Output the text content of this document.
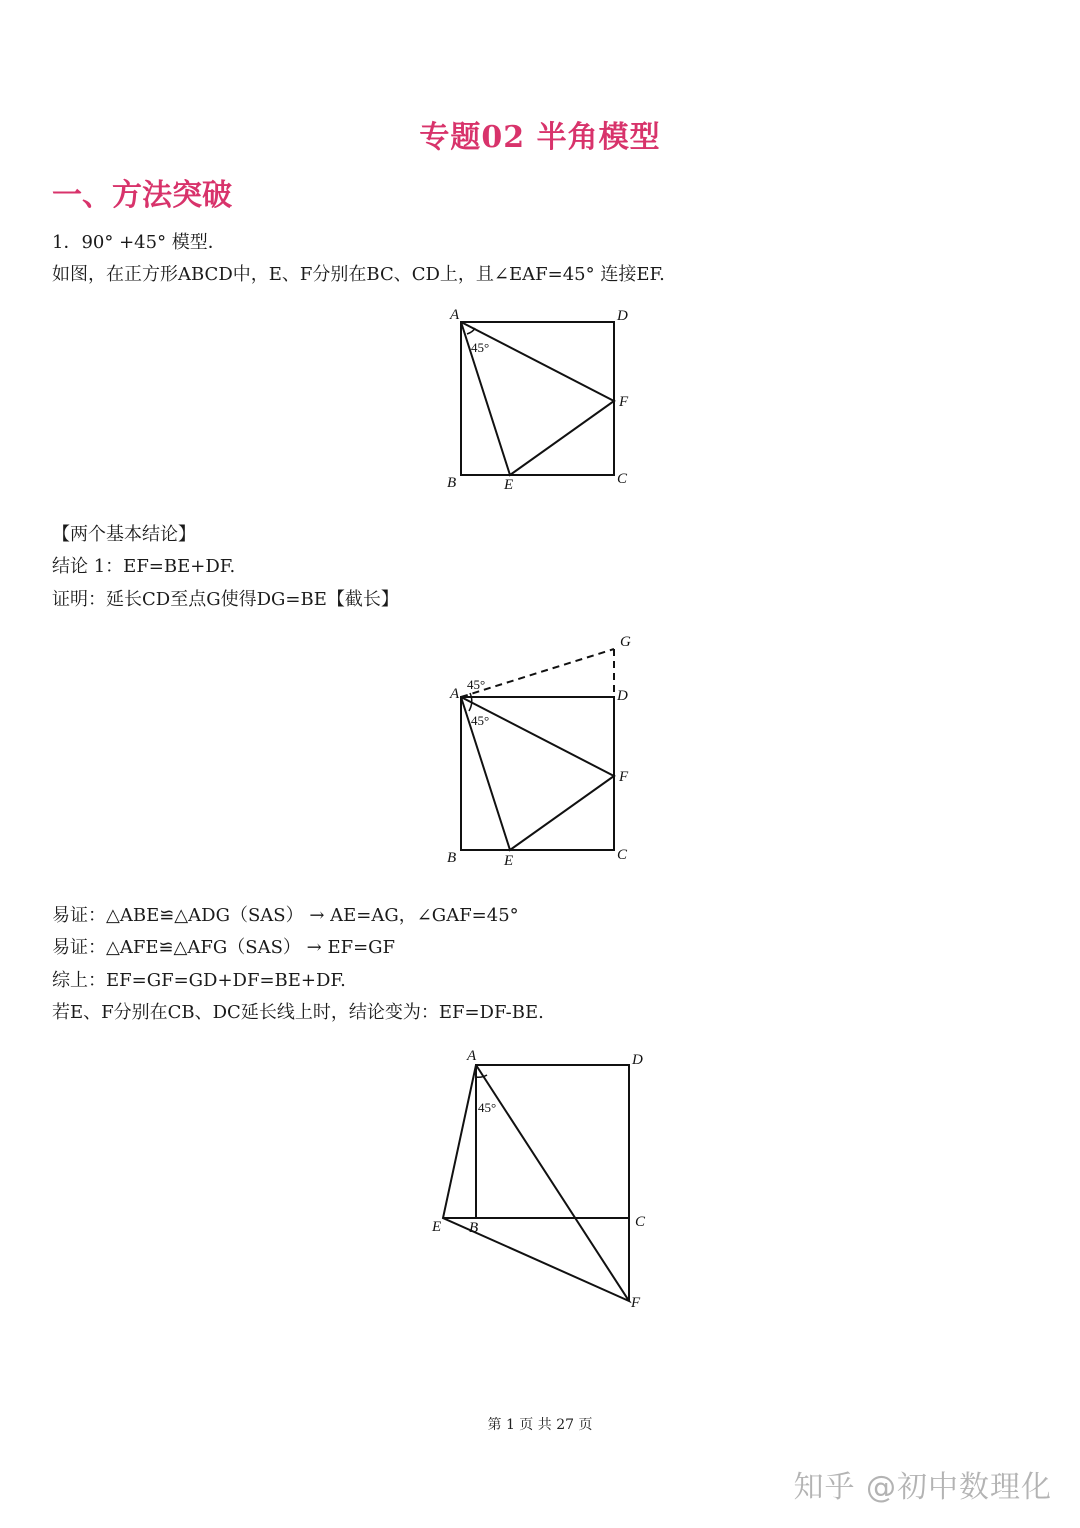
专题02 半角模型
一、方法突破
1．90° +45° 模型．
如图，在正方形ABCD中，E、F分别在BC、CD上，且∠EAF=45° 连接EF.
A	D
F
B	E	C
45°
【两个基本结论】
结论 1：EF=BE+DF.
证明：延长CD至点G使得DG=BE【截长】
G
A	D
F
B	E	C
45°
45°
易证：△ABE≌△ADG（SAS） → AE=AG，∠GAF=45°
易证：△AFE≌△AFG（SAS） → EF=GF
综上：EF=GF=GD+DF=BE+DF.
若E、F分别在CB、DC延长线上时，结论变为：EF=DF-BE.
A	D
E B	C
F
45°
第 1 页 共 27 页
知乎 @初中数理化
